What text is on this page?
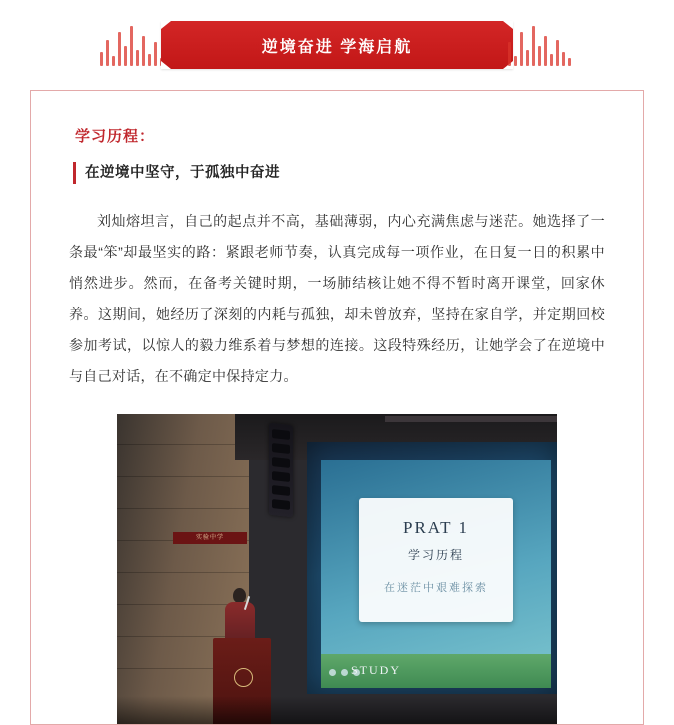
逆境奋进 学海启航
学习历程：
在逆境中坚守，于孤独中奋进

刘灿熔坦言，自己的起点并不高，基础薄弱，内心充满焦虑与迷茫。她选择了一条最“笨”却最坚实的路：紧跟老师节奏，认真完成每一项作业，在日复一日的积累中悄然进步。然而，在备考关键时期，一场肺结核让她不得不暂时离开课堂，回家休养。这期间，她经历了深刻的内耗与孤独，却未曾放弃，坚持在家自学，并定期回校参加考试，以惊人的毅力维系着与梦想的连接。这段特殊经历，让她学会了在逆境中与自己对话，在不确定中保持定力。

PRAT 1
学习历程
在迷茫中艰难探索
STUDY
实验中学
